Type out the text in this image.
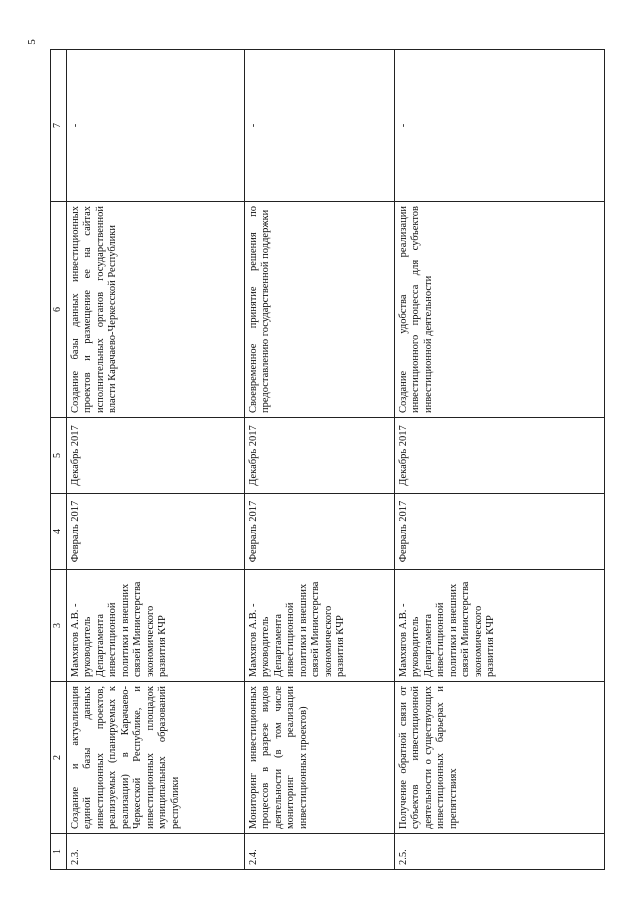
5
1	2	3	4	5	6	7
2.3.	Создание и актуализация единой базы данных инвестиционных проектов, реализуемых (планируемых к реализации) в Карачаево-Черкесской Республике, и инвестиционных площадок муниципальных образований республики	Мамхягов А.В. - руководитель Департамента инвестиционной политики и внешних связей Министерства экономического развития КЧР	Февраль 2017	Декабрь 2017	Создание базы данных инвестиционных проектов и размещение ее на сайтах исполнительных органов государственной власти Карачаево-Черкесской Республики	-
2.4.	Мониторинг инвестиционных процессов в разрезе видов деятельности (в том числе мониторинг реализации инвестиционных проектов)	Мамхягов А.В. - руководитель Департамента инвестиционной политики и внешних связей Министерства экономического развития КЧР	Февраль 2017	Декабрь 2017	Своевременное принятие решения по предоставлению государственной поддержки	-
2.5.	Получение обратной связи от субъектов инвестиционной деятельности о существующих инвестиционных барьерах и препятствиях	Мамхягов А.В. - руководитель Департамента инвестиционной политики и внешних связей Министерства экономического развития КЧР	Февраль 2017	Декабрь 2017	Создание удобства реализации инвестиционного процесса для субъектов инвестиционной деятельности	-
